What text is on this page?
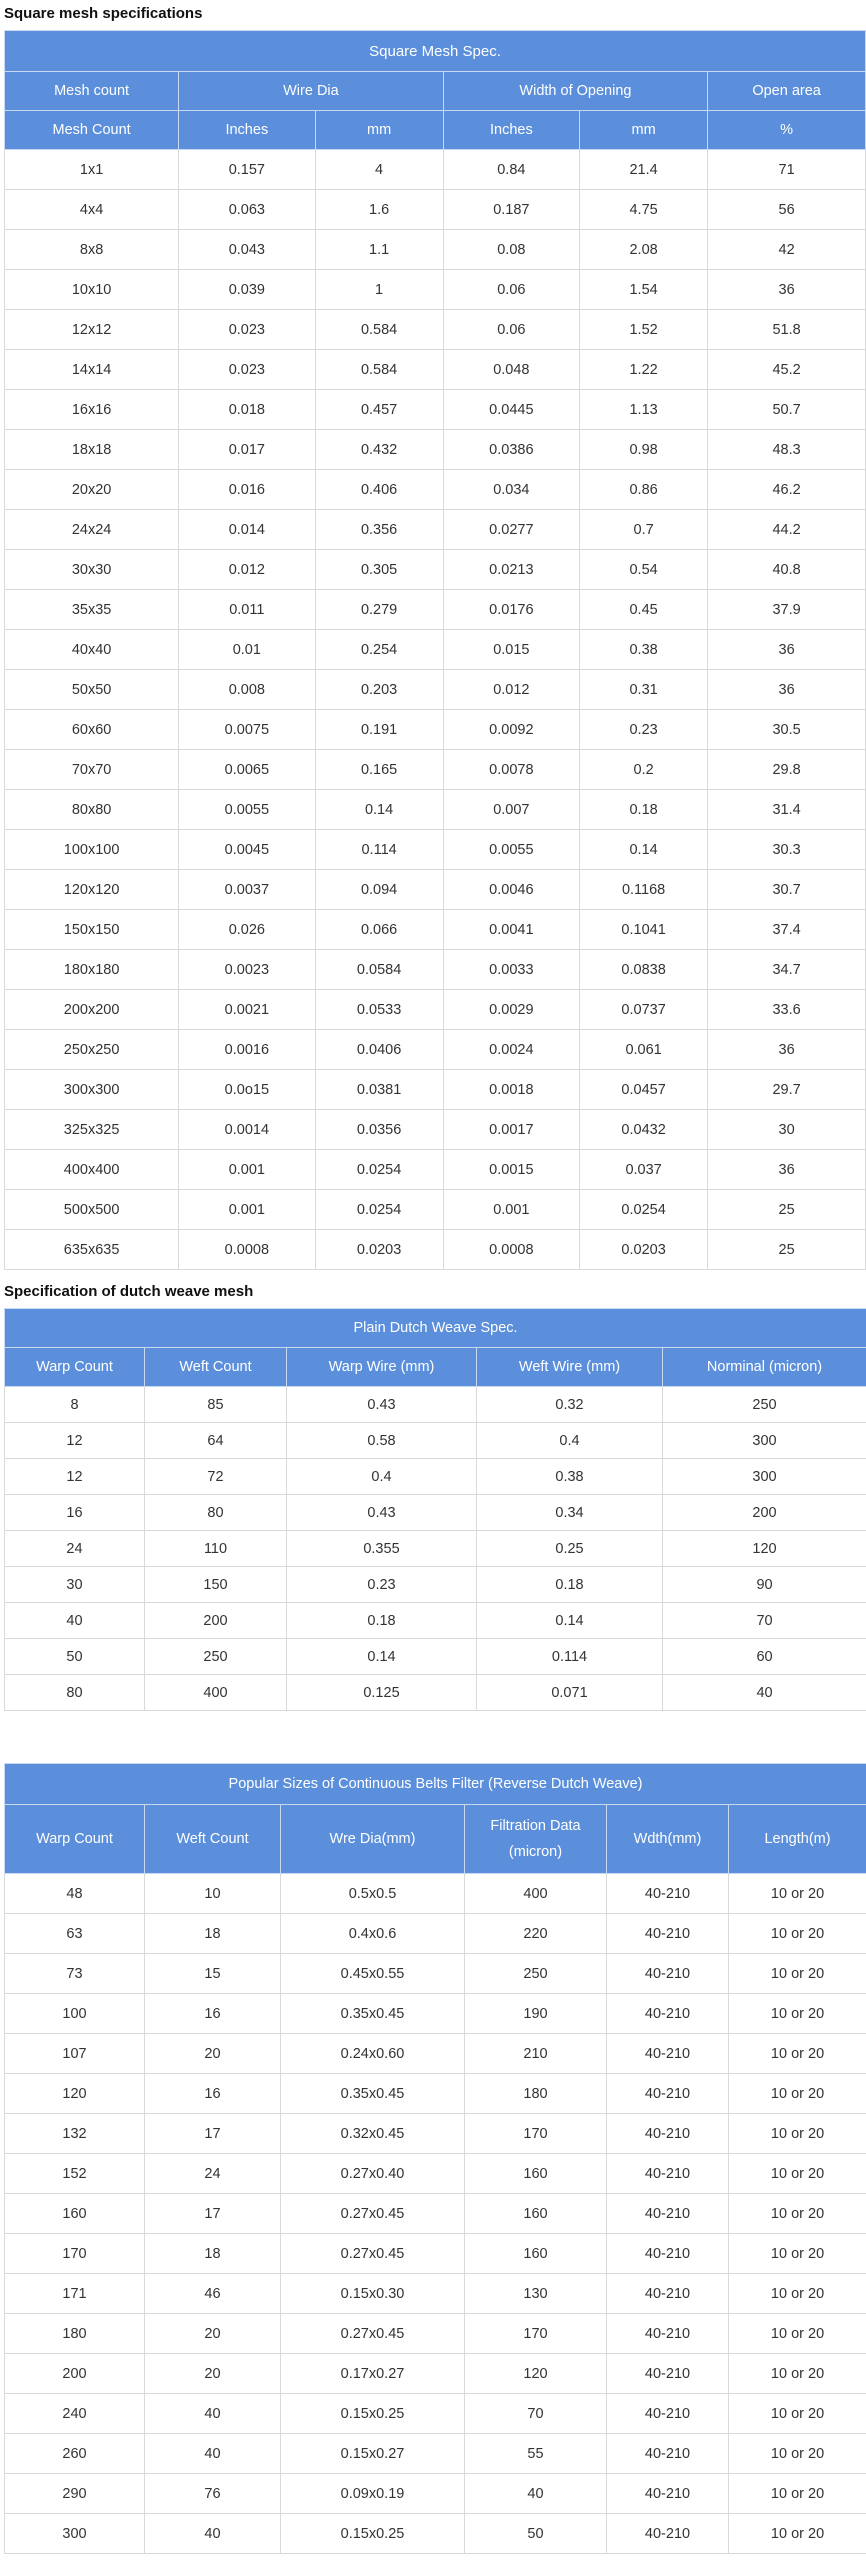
Square mesh specifications
Square Mesh Spec.					
Mesh count	Wire Dia		Width of Opening		Open area
Mesh Count	Inches	mm	Inches	mm	%
1x1	0.157	4	0.84	21.4	71
4x4	0.063	1.6	0.187	4.75	56
8x8	0.043	1.1	0.08	2.08	42
10x10	0.039	1	0.06	1.54	36
12x12	0.023	0.584	0.06	1.52	51.8
14x14	0.023	0.584	0.048	1.22	45.2
16x16	0.018	0.457	0.0445	1.13	50.7
18x18	0.017	0.432	0.0386	0.98	48.3
20x20	0.016	0.406	0.034	0.86	46.2
24x24	0.014	0.356	0.0277	0.7	44.2
30x30	0.012	0.305	0.0213	0.54	40.8
35x35	0.011	0.279	0.0176	0.45	37.9
40x40	0.01	0.254	0.015	0.38	36
50x50	0.008	0.203	0.012	0.31	36
60x60	0.0075	0.191	0.0092	0.23	30.5
70x70	0.0065	0.165	0.0078	0.2	29.8
80x80	0.0055	0.14	0.007	0.18	31.4
100x100	0.0045	0.114	0.0055	0.14	30.3
120x120	0.0037	0.094	0.0046	0.1168	30.7
150x150	0.026	0.066	0.0041	0.1041	37.4
180x180	0.0023	0.0584	0.0033	0.0838	34.7
200x200	0.0021	0.0533	0.0029	0.0737	33.6
250x250	0.0016	0.0406	0.0024	0.061	36
300x300	0.0o15	0.0381	0.0018	0.0457	29.7
325x325	0.0014	0.0356	0.0017	0.0432	30
400x400	0.001	0.0254	0.0015	0.037	36
500x500	0.001	0.0254	0.001	0.0254	25
635x635	0.0008	0.0203	0.0008	0.0203	25
Specification of dutch weave mesh
Plain Dutch Weave Spec.				
Warp Count	Weft Count	Warp Wire (mm)	Weft Wire (mm)	Norminal (micron)
8	85	0.43	0.32	250
12	64	0.58	0.4	300
12	72	0.4	0.38	300
16	80	0.43	0.34	200
24	110	0.355	0.25	120
30	150	0.23	0.18	90
40	200	0.18	0.14	70
50	250	0.14	0.114	60
80	400	0.125	0.071	40
Popular Sizes of Continuous Belts Filter (Reverse Dutch Weave)					
Warp Count	Weft Count	Wre Dia(mm)	Filtration Data (micron)	Wdth(mm)	Length(m)
48	10	0.5x0.5	400	40-210	10 or 20
63	18	0.4x0.6	220	40-210	10 or 20
73	15	0.45x0.55	250	40-210	10 or 20
100	16	0.35x0.45	190	40-210	10 or 20
107	20	0.24x0.60	210	40-210	10 or 20
120	16	0.35x0.45	180	40-210	10 or 20
132	17	0.32x0.45	170	40-210	10 or 20
152	24	0.27x0.40	160	40-210	10 or 20
160	17	0.27x0.45	160	40-210	10 or 20
170	18	0.27x0.45	160	40-210	10 or 20
171	46	0.15x0.30	130	40-210	10 or 20
180	20	0.27x0.45	170	40-210	10 or 20
200	20	0.17x0.27	120	40-210	10 or 20
240	40	0.15x0.25	70	40-210	10 or 20
260	40	0.15x0.27	55	40-210	10 or 20
290	76	0.09x0.19	40	40-210	10 or 20
300	40	0.15x0.25	50	40-210	10 or 20
